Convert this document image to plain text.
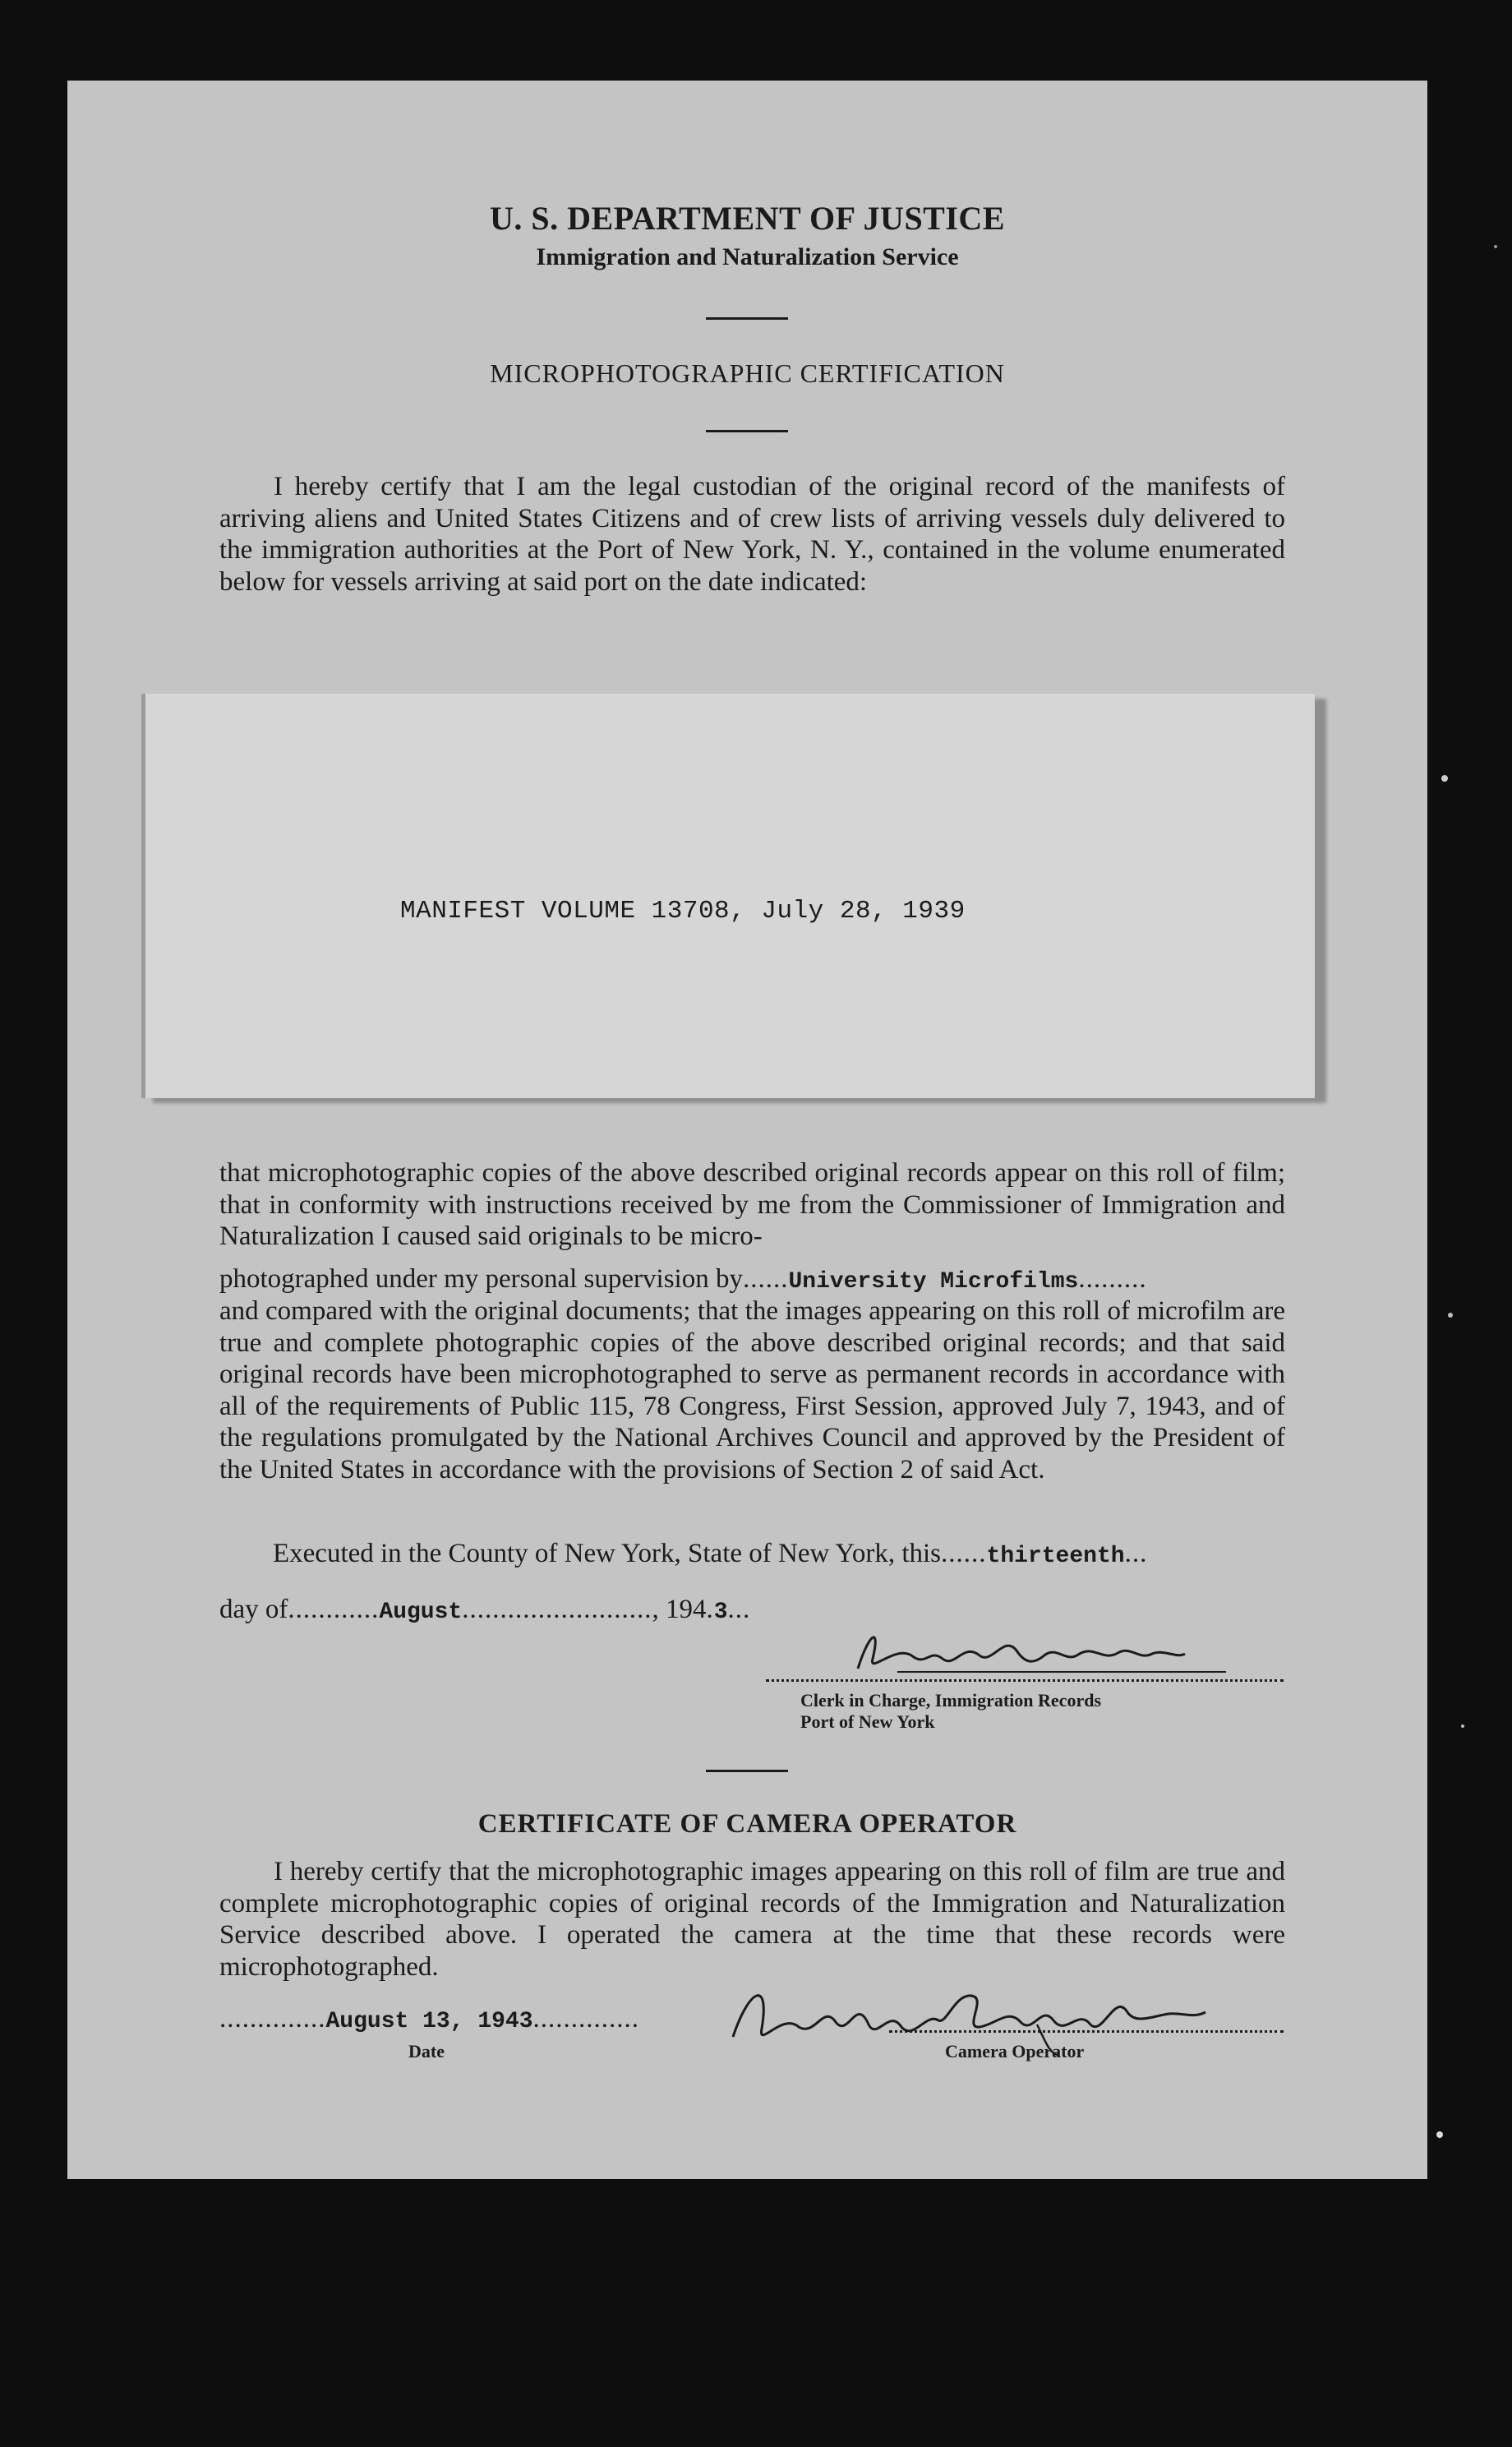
U. S. DEPARTMENT OF JUSTICE
Immigration and Naturalization Service
MICROPHOTOGRAPHIC CERTIFICATION
I hereby certify that I am the legal custodian of the original record of the manifests of arriving aliens and United States Citizens and of crew lists of arriving vessels duly delivered to the immigration authorities at the Port of New York, N. Y., contained in the volume enumerated below for vessels arriving at said port on the date indicated:
MANIFEST VOLUME 13708, July 28, 1939
that microphotographic copies of the above described original records appear on this roll of film; that in conformity with instructions received by me from the Commissioner of Immigration and Naturalization I caused said originals to be micro-
photographed under my personal supervision by......University Microfilms.........
and compared with the original documents; that the images appearing on this roll of microfilm are true and complete photographic copies of the above described original records; and that said original records have been microphotographed to serve as permanent records in accordance with all of the requirements of Public 115, 78 Congress, First Session, approved July 7, 1943, and of the regulations promulgated by the National Archives Council and approved by the President of the United States in accordance with the provisions of Section 2 of said Act.
Executed in the County of New York, State of New York, this......thirteenth...
day of............August........................., 194.3...
Clerk in Charge, Immigration Records
Port of New York
CERTIFICATE OF CAMERA OPERATOR
I hereby certify that the microphotographic images appearing on this roll of film are true and complete microphotographic copies of original records of the Immigration and Naturalization Service described above. I operated the camera at the time that these records were microphotographed.
..............August 13, 1943..............
Date	Camera Operator
